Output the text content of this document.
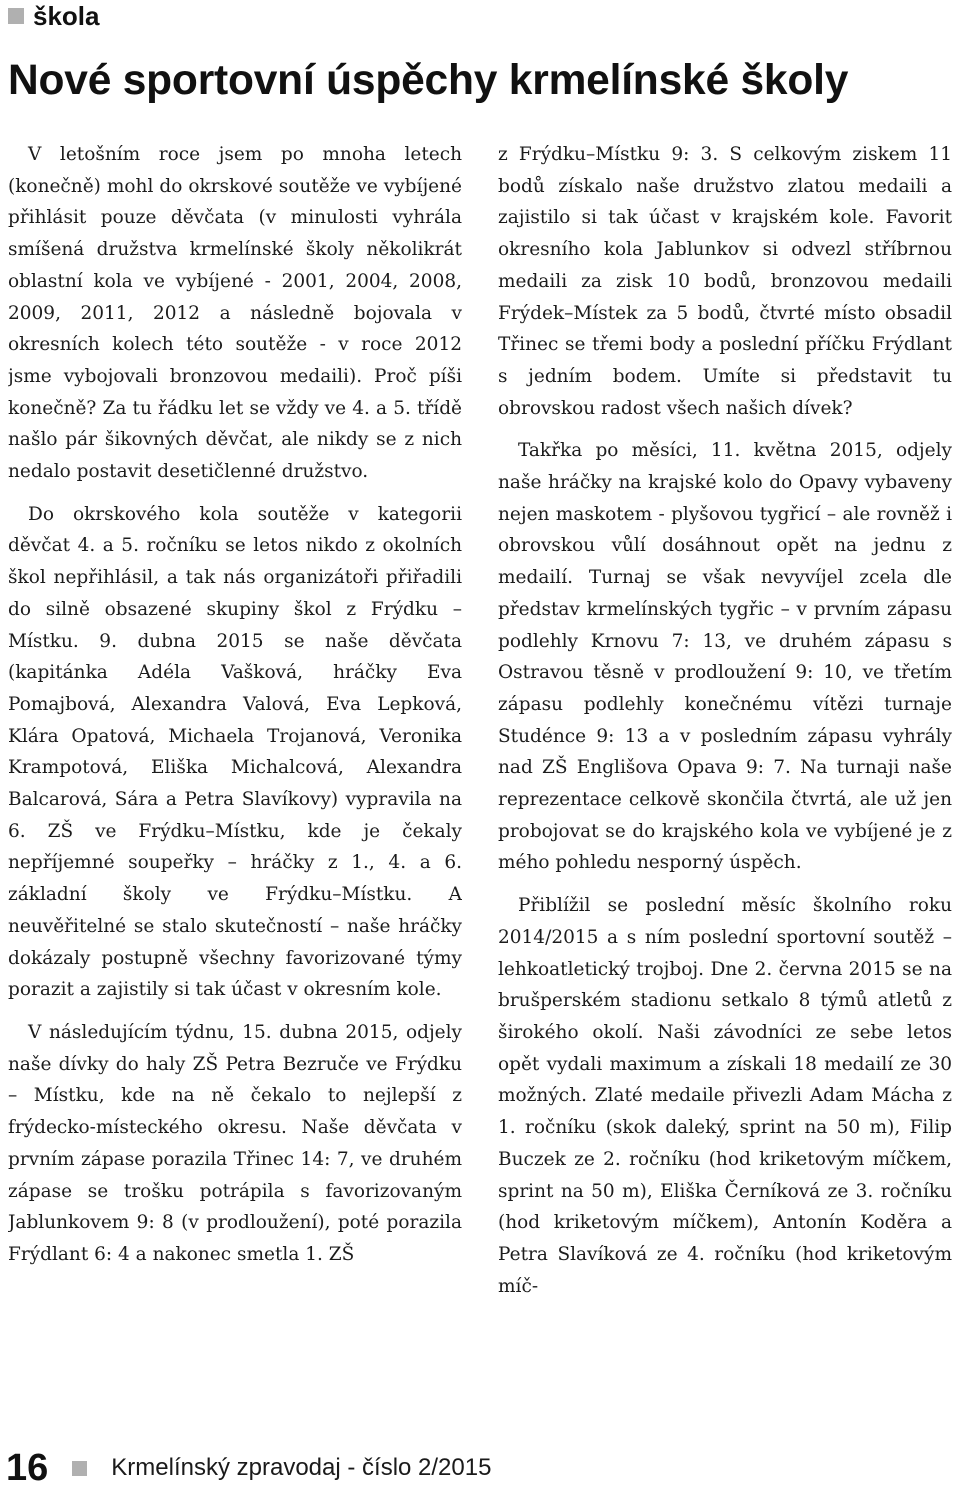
škola
Nové sportovní úspěchy krmelínské školy

V letošním roce jsem po mnoha letech (konečně) mohl do okrskové soutěže ve vybíjené přihlásit pouze děvčata (v minulosti vyhrála smíšená družstva krmelínské školy několikrát oblastní kola ve vybíjené - 2001, 2004, 2008, 2009, 2011, 2012 a následně bojovala v okresních kolech této soutěže - v roce 2012 jsme vybojovali bronzovou medaili). Proč píši konečně? Za tu řádku let se vždy ve 4. a 5. třídě našlo pár šikovných děvčat, ale nikdy se z nich nedalo postavit desetičlenné družstvo.

Do okrskového kola soutěže v kategorii děvčat 4. a 5. ročníku se letos nikdo z okolních škol nepřihlásil, a tak nás organizátoři přiřadili do silně obsazené skupiny škol z Frýdku – Místku. 9. dubna 2015 se naše děvčata (kapitánka Adéla Vašková, hráčky Eva Pomajbová, Alexandra Valová, Eva Lepková, Klára Opatová, Michaela Trojanová, Veronika Krampotová, Eliška Michalcová, Alexandra Balcarová, Sára a Petra Slavíkovy) vypravila na 6. ZŠ ve Frýdku–Místku, kde je čekaly nepříjemné soupeřky – hráčky z 1., 4. a 6. základní školy ve Frýdku–Místku. A neuvěřitelné se stalo skutečností – naše hráčky dokázaly postupně všechny favorizované týmy porazit a zajistily si tak účast v okresním kole.

V následujícím týdnu, 15. dubna 2015, odjely naše dívky do haly ZŠ Petra Bezruče ve Frýdku – Místku, kde na ně čekalo to nejlepší z frýdecko-místeckého okresu. Naše děvčata v prvním zápase porazila Třinec 14: 7, ve druhém zápase se trošku potrápila s favorizovaným Jablunkovem 9: 8 (v prodloužení), poté porazila Frýdlant 6: 4 a nakonec smetla 1. ZŠ

z Frýdku–Místku 9: 3. S celkovým ziskem 11 bodů získalo naše družstvo zlatou medaili a zajistilo si tak účast v krajském kole. Favorit okresního kola Jablunkov si odvezl stříbrnou medaili za zisk 10 bodů, bronzovou medaili Frýdek–Místek za 5 bodů, čtvrté místo obsadil Třinec se třemi body a poslední příčku Frýdlant s jedním bodem. Umíte si představit tu obrovskou radost všech našich dívek?

Takřka po měsíci, 11. května 2015, odjely naše hráčky na krajské kolo do Opavy vybaveny nejen maskotem - plyšovou tygřicí – ale rovněž i obrovskou vůlí dosáhnout opět na jednu z medailí. Turnaj se však nevyvíjel zcela dle představ krmelínských tygřic – v prvním zápasu podlehly Krnovu 7: 13, ve druhém zápasu s Ostravou těsně v prodloužení 9: 10, ve třetím zápasu podlehly konečnému vítězi turnaje Studénce 9: 13 a v posledním zápasu vyhrály nad ZŠ Englišova Opava 9: 7. Na turnaji naše reprezentace celkově skončila čtvrtá, ale už jen probojovat se do krajského kola ve vybíjené je z mého pohledu nesporný úspěch.

Přiblížil se poslední měsíc školního roku 2014/2015 a s ním poslední sportovní soutěž – lehkoatletický trojboj. Dne 2. června 2015 se na brušperském stadionu setkalo 8 týmů atletů z širokého okolí. Naši závodníci ze sebe letos opět vydali maximum a získali 18 medailí ze 30 možných. Zlaté medaile přivezli Adam Mácha z 1. ročníku (skok daleký, sprint na 50 m), Filip Buczek ze 2. ročníku (hod kriketovým míčkem, sprint na 50 m), Eliška Černíková ze 3. ročníku (hod kriketovým míčkem), Antonín Koděra a Petra Slavíková ze 4. ročníku (hod kriketovým míč-

16	Krmelínský zpravodaj - číslo 2/2015
